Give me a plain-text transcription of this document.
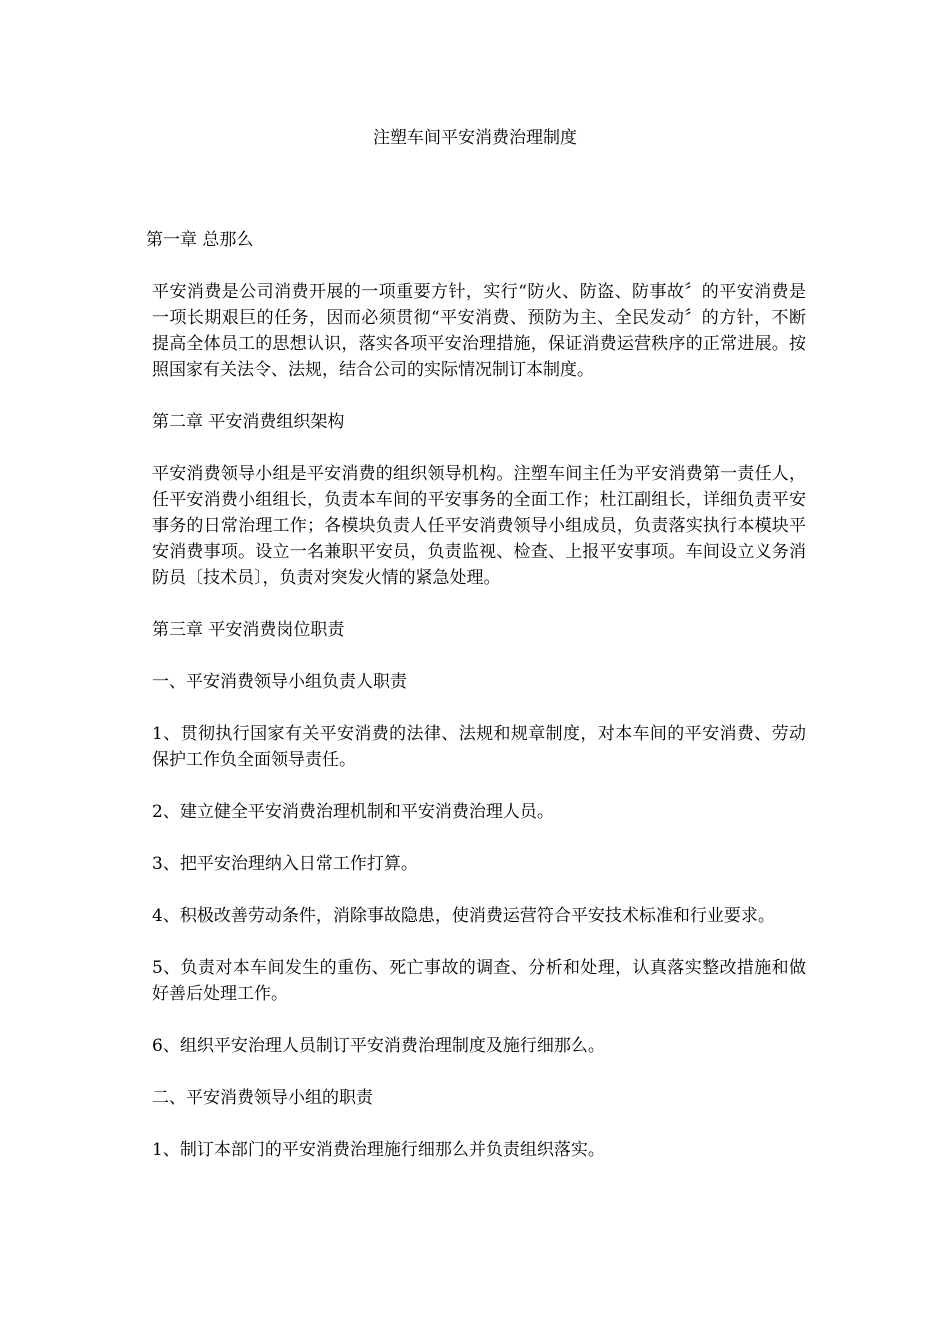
注塑车间平安消费治理制度

第一章 总那么

平安消费是公司消费开展的一项重要方针，实行“防火、防盗、防事故〞的平安消费是一项长期艰巨的任务，因而必须贯彻“平安消费、预防为主、全民发动〞的方针，不断提高全体员工的思想认识，落实各项平安治理措施，保证消费运营秩序的正常进展。按照国家有关法令、法规，结合公司的实际情况制订本制度。

第二章 平安消费组织架构

平安消费领导小组是平安消费的组织领导机构。注塑车间主任为平安消费第一责任人，任平安消费小组组长，负责本车间的平安事务的全面工作；杜江副组长，详细负责平安事务的日常治理工作；各模块负责人任平安消费领导小组成员，负责落实执行本模块平安消费事项。设立一名兼职平安员，负责监视、检查、上报平安事项。车间设立义务消防员〔技术员〕，负责对突发火情的紧急处理。

第三章 平安消费岗位职责

一、平安消费领导小组负责人职责

1、贯彻执行国家有关平安消费的法律、法规和规章制度，对本车间的平安消费、劳动保护工作负全面领导责任。

2、建立健全平安消费治理机制和平安消费治理人员。

3、把平安治理纳入日常工作打算。

4、积极改善劳动条件，消除事故隐患，使消费运营符合平安技术标准和行业要求。

5、负责对本车间发生的重伤、死亡事故的调查、分析和处理，认真落实整改措施和做好善后处理工作。

6、组织平安治理人员制订平安消费治理制度及施行细那么。

二、平安消费领导小组的职责

1、制订本部门的平安消费治理施行细那么并负责组织落实。
